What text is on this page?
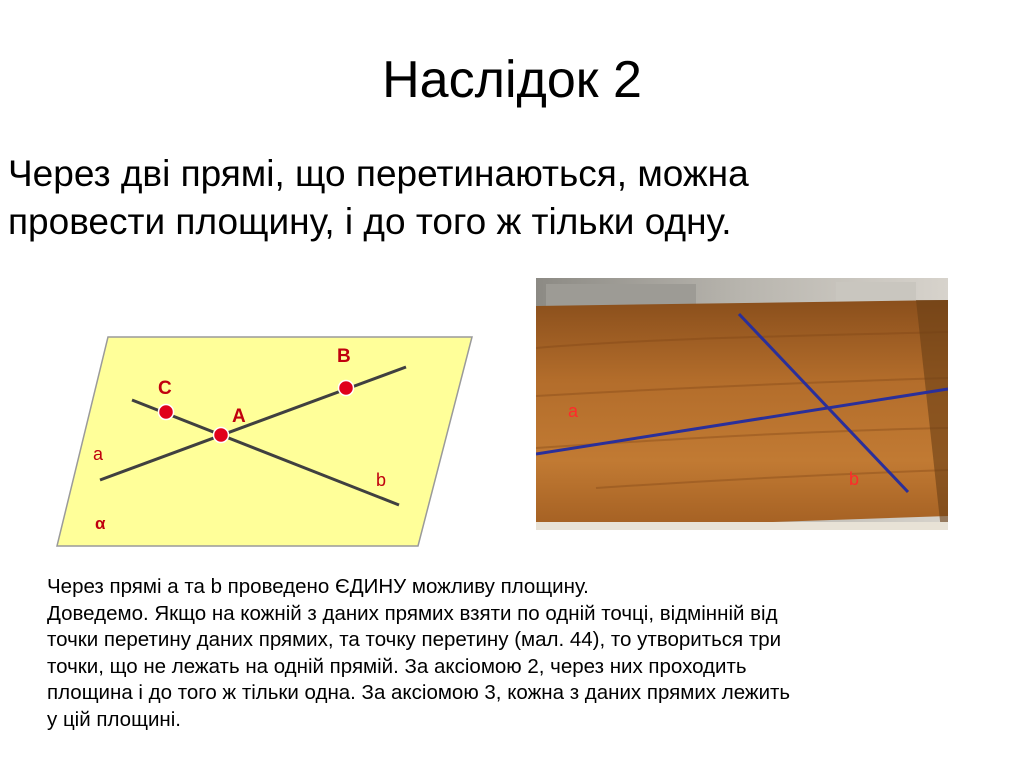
Наслідок 2
Через дві прямі, що перетинаються, можна
провести площину, і до того ж тільки одну.
B
C
A
a
b
α
a
b
Через прямі a та b проведено ЄДИНУ можливу площину.
Доведемо. Якщо на кожній з даних прямих взяти по одній точці, відмінній від
точки перетину даних прямих, та точку перетину (мал. 44), то утвориться три
точки, що не лежать на одній прямій. За аксіомою 2, через них проходить
площина і до того ж тільки одна. За аксіомою 3, кожна з даних прямих лежить
у цій площині.
